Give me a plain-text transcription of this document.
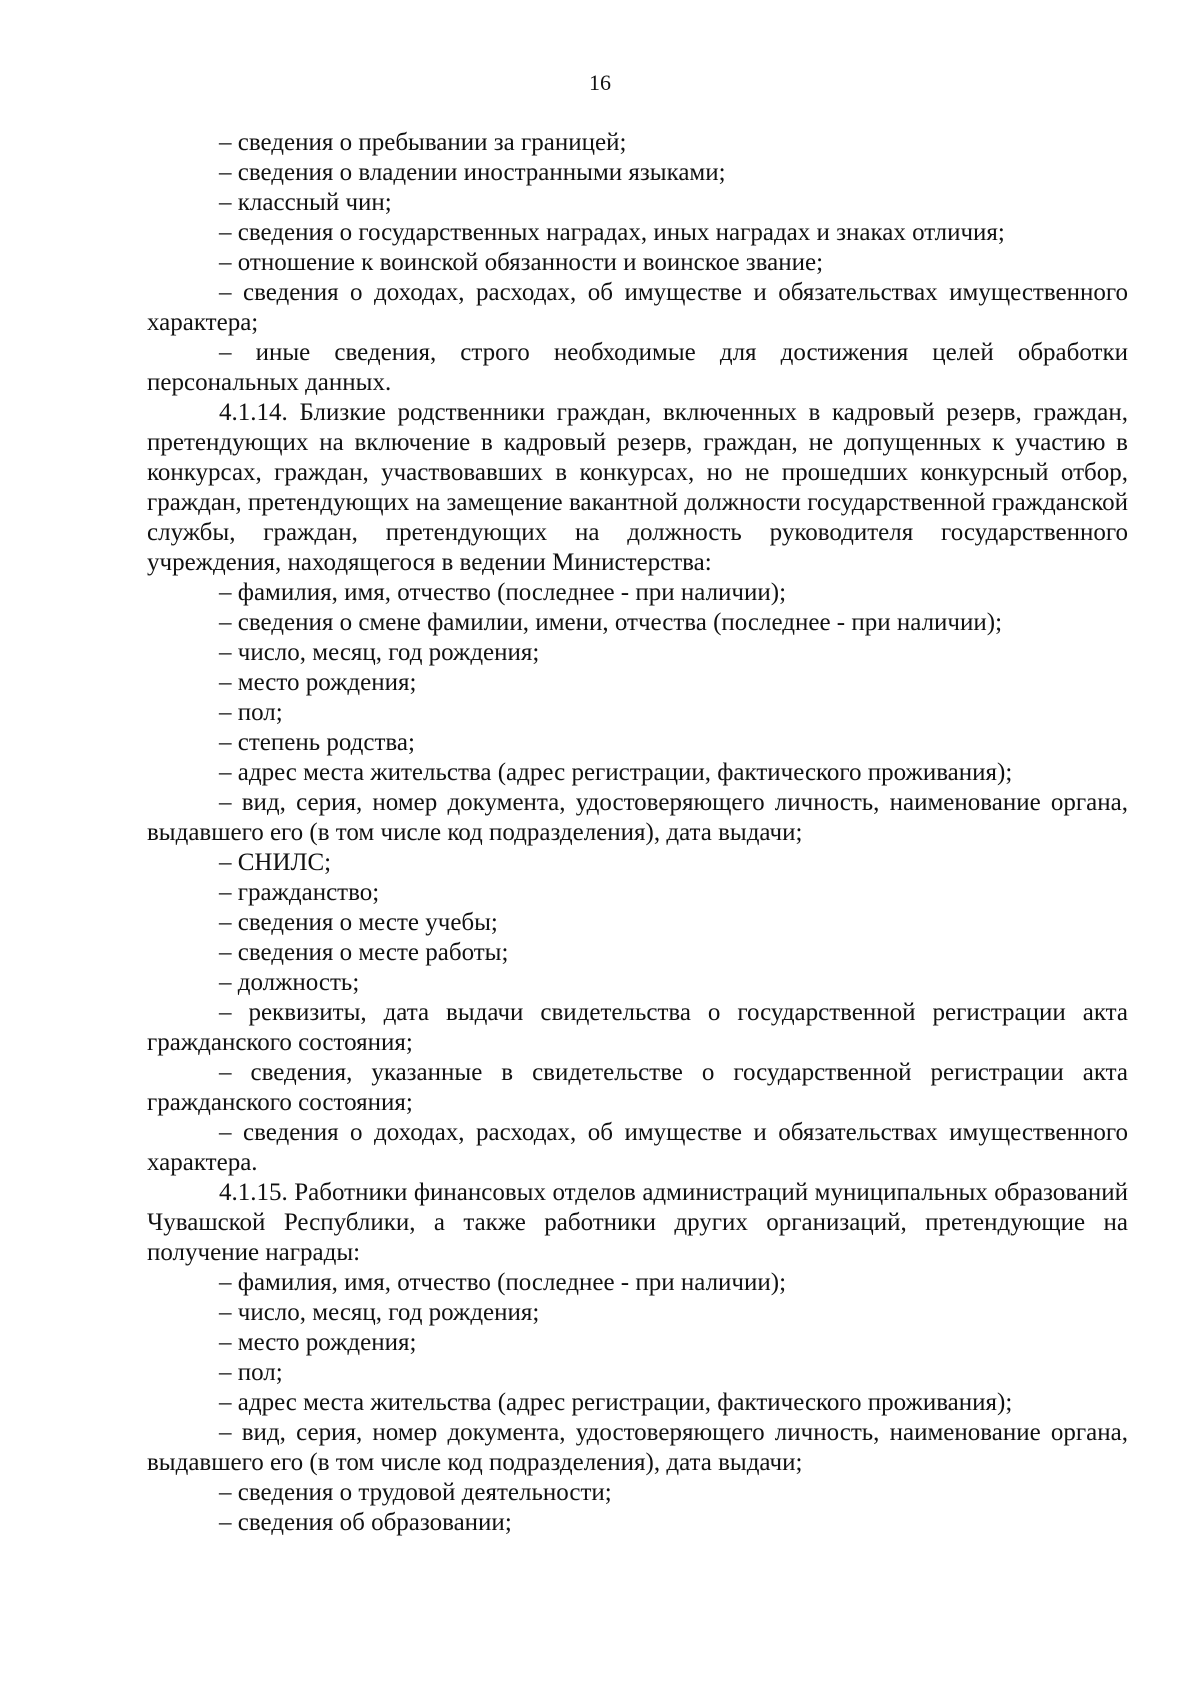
16

– сведения о пребывании за границей;

– сведения о владении иностранными языками;

– классный чин;

– сведения о государственных наградах, иных наградах и знаках отличия;

– отношение к воинской обязанности и воинское звание;

– сведения о доходах, расходах, об имуществе и обязательствах имущественного характера;

– иные сведения, строго необходимые для достижения целей обработки персональных данных.

4.1.14. Близкие родственники граждан, включенных в кадровый резерв, граждан, претендующих на включение в кадровый резерв, граждан, не допущенных к участию в конкурсах, граждан, участвовавших в конкурсах, но не прошедших конкурсный отбор, граждан, претендующих на замещение вакантной должности государственной гражданской службы, граждан, претендующих на должность руководителя государственного учреждения, находящегося в ведении Министерства:

– фамилия, имя, отчество (последнее - при наличии);

– сведения о смене фамилии, имени, отчества (последнее - при наличии);

– число, месяц, год рождения;

– место рождения;

– пол;

– степень родства;

– адрес места жительства (адрес регистрации, фактического проживания);

– вид, серия, номер документа, удостоверяющего личность, наименование органа, выдавшего его (в том числе код подразделения), дата выдачи;

– СНИЛС;

– гражданство;

– сведения о месте учебы;

– сведения о месте работы;

– должность;

– реквизиты, дата выдачи свидетельства о государственной регистрации акта гражданского состояния;

– сведения, указанные в свидетельстве о государственной регистрации акта гражданского состояния;

– сведения о доходах, расходах, об имуществе и обязательствах имущественного характера.

4.1.15. Работники финансовых отделов администраций муниципальных образований Чувашской Республики, а также работники других организаций, претендующие на получение награды:

– фамилия, имя, отчество (последнее - при наличии);

– число, месяц, год рождения;

– место рождения;

– пол;

– адрес места жительства (адрес регистрации, фактического проживания);

– вид, серия, номер документа, удостоверяющего личность, наименование органа, выдавшего его (в том числе код подразделения), дата выдачи;

– сведения о трудовой деятельности;

– сведения об образовании;
